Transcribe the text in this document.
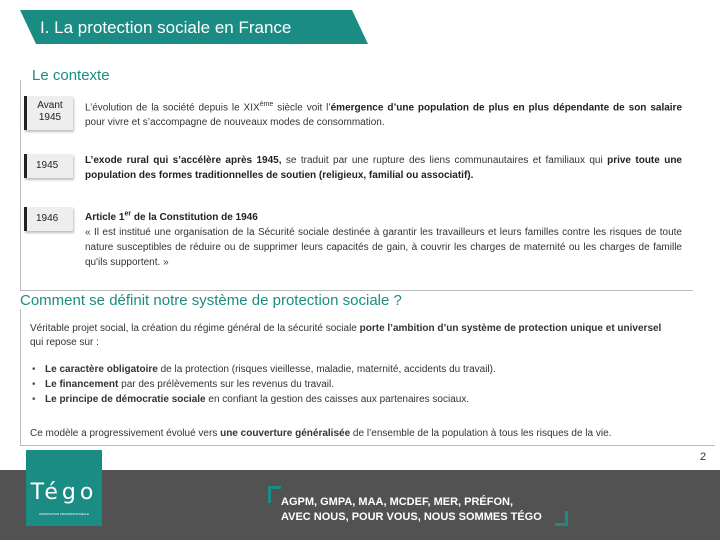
I. La protection sociale en France
Le contexte
Avant
1945
L’évolution de la société depuis le XIXème siècle voit l’émergence d’une population de plus en plus dépendante de son salaire pour vivre et s’accompagne de nouveaux modes de consommation.
1945	L’exode rural qui s’accélère après 1945, se traduit par une rupture des liens communautaires et familiaux qui prive toute une population des formes traditionnelles de soutien (religieux, familial ou associatif).
1946	Article 1er de la Constitution de 1946
« Il est institué une organisation de la Sécurité sociale destinée à garantir les travailleurs et leurs familles contre les risques de toute nature susceptibles de réduire ou de supprimer leurs capacités de gain, à couvrir les charges de maternité ou les charges de famille qu'ils supportent. »
Comment se définit notre système de protection sociale ?
Véritable projet social, la création du régime général de la sécurité sociale porte l’ambition d’un système de protection unique et universel qui repose sur :
• Le caractère obligatoire de la protection (risques vieillesse, maladie, maternité, accidents du travail).
• Le financement par des prélèvements sur les revenus du travail.
• Le principe de démocratie sociale en confiant la gestion des caisses aux partenaires sociaux.
Ce modèle a progressivement évolué vers une couverture généralisée de l’ensemble de la population à tous les risques de la vie.
2
Tégo
ASSOCIATION PROFESSIONNELLE
AGPM, GMPA, MAA, MCDEF, MER, PRÉFON,
AVEC NOUS, POUR VOUS, NOUS SOMMES TÉGO
